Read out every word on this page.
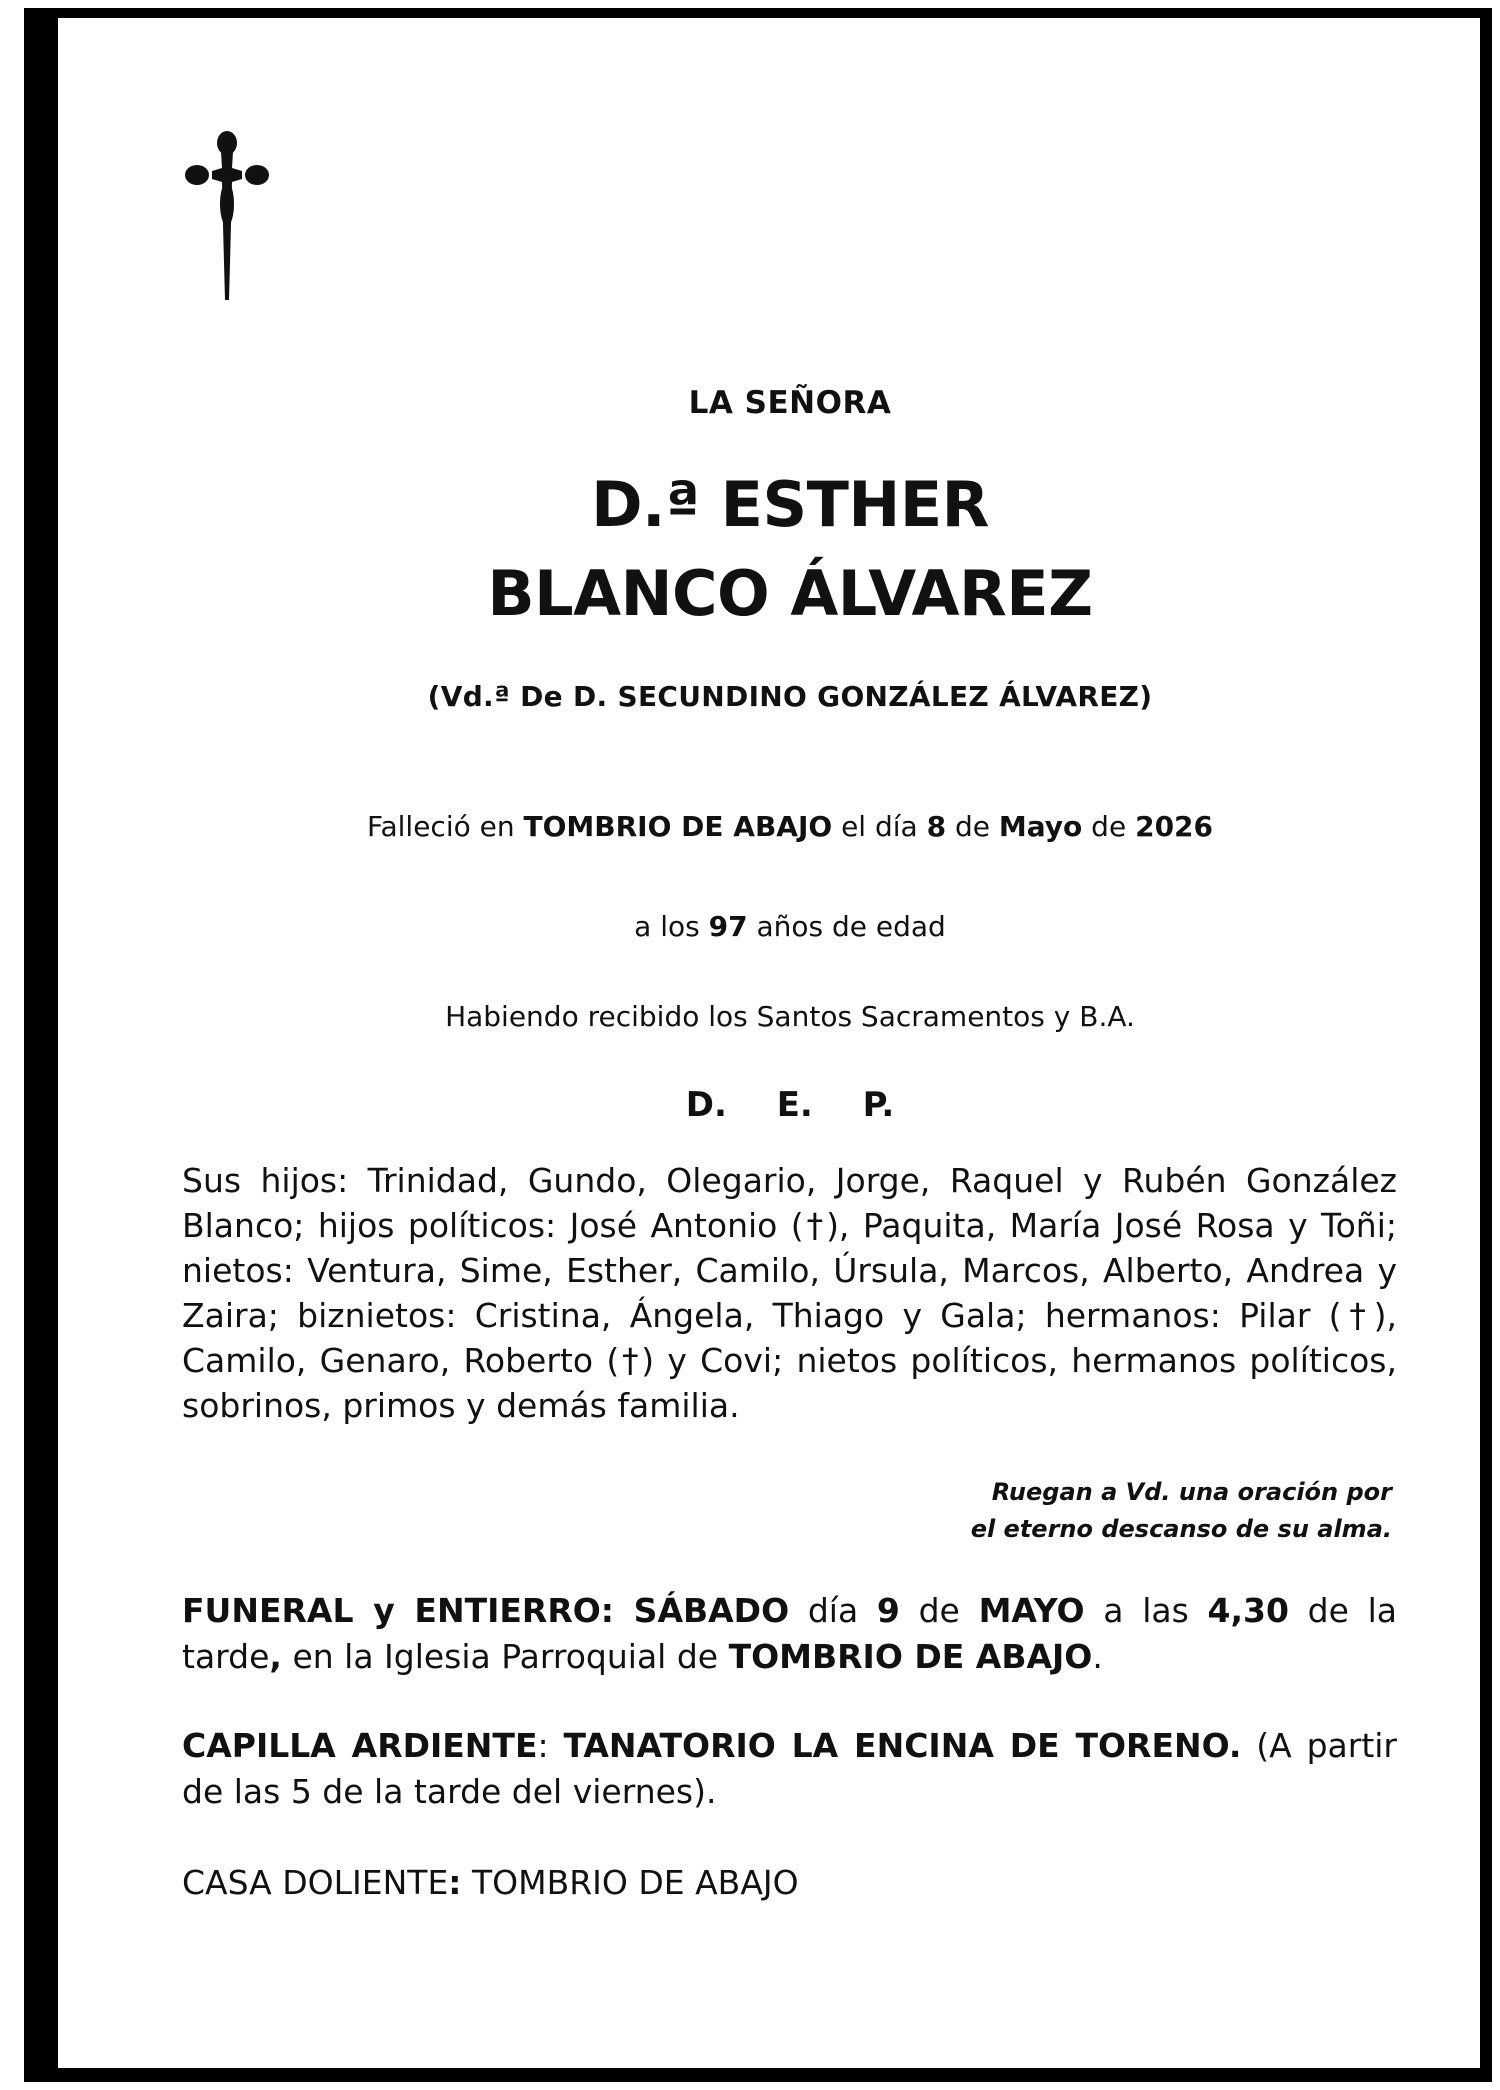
LA SEÑORA
D.ª ESTHER
BLANCO ÁLVAREZ
(Vd.ª De D. SECUNDINO GONZÁLEZ ÁLVAREZ)
Falleció en TOMBRIO DE ABAJO el día 8 de Mayo de 2026
a los 97 años de edad
Habiendo recibido los Santos Sacramentos y B.A.
D. E. P.
Sus hijos: Trinidad, Gundo, Olegario, Jorge, Raquel y Rubén González Blanco; hijos políticos: José Antonio (†), Paquita, María José Rosa y Toñi; nietos: Ventura, Sime, Esther, Camilo, Úrsula, Marcos, Alberto, Andrea y Zaira; biznietos: Cristina, Ángela, Thiago y Gala; hermanos: Pilar (†), Camilo, Genaro, Roberto (†) y Covi; nietos políticos, hermanos políticos, sobrinos, primos y demás familia.
Ruegan a Vd. una oración por
el eterno descanso de su alma.
FUNERAL y ENTIERRO: SÁBADO día 9 de MAYO a las 4,30 de la tarde, en la Iglesia Parroquial de TOMBRIO DE ABAJO.
CAPILLA ARDIENTE: TANATORIO LA ENCINA DE TORENO. (A partir de las 5 de la tarde del viernes).
CASA DOLIENTE: TOMBRIO DE ABAJO
